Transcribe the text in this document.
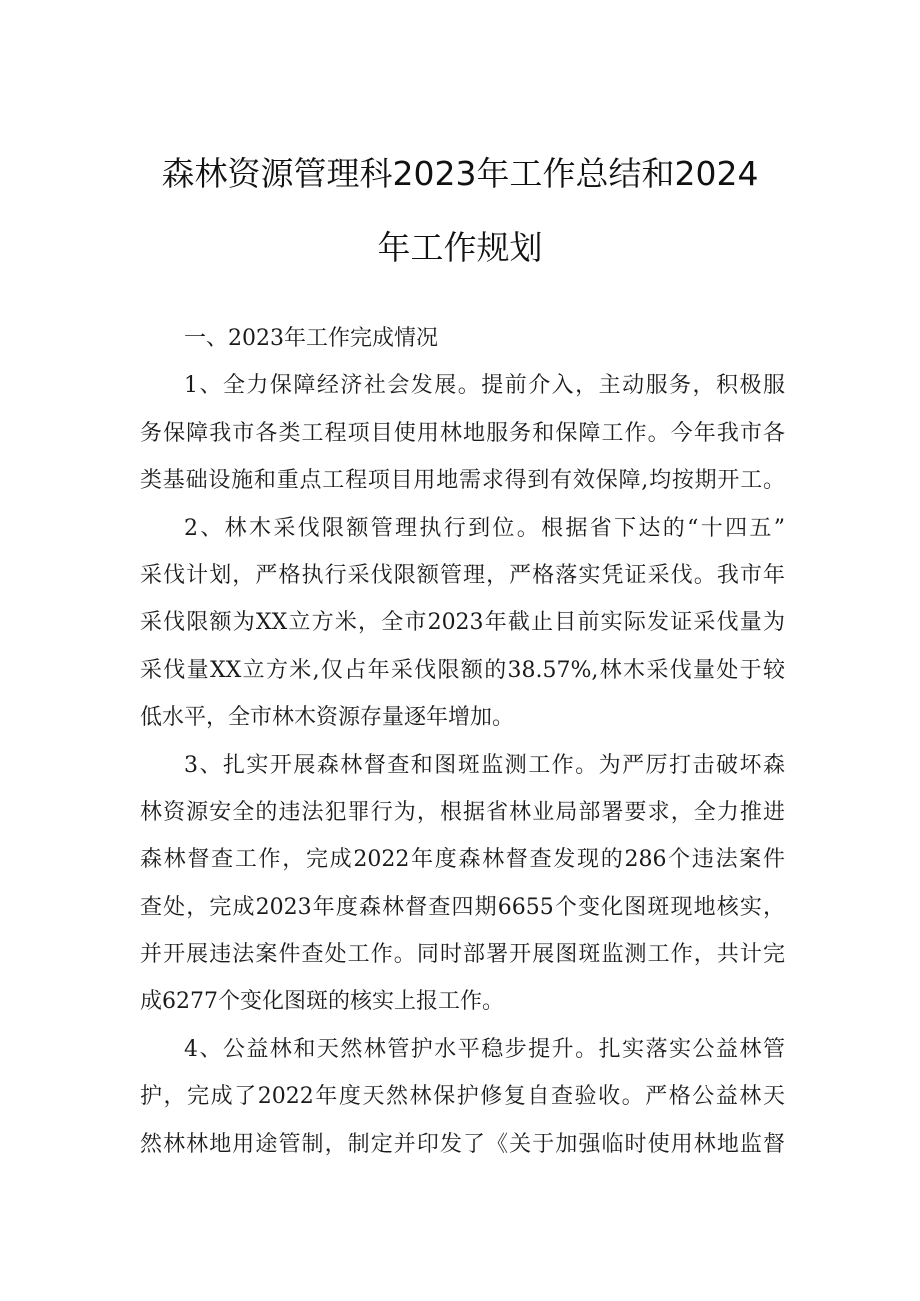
森林资源管理科2023年工作总结和2024
年工作规划
一、2023年工作完成情况
1、全力保障经济社会发展。提前介入，主动服务，积极服
务保障我市各类工程项目使用林地服务和保障工作。今年我市各
类基础设施和重点工程项目用地需求得到有效保障,均按期开工。
2、林木采伐限额管理执行到位。根据省下达的“十四五”
采伐计划，严格执行采伐限额管理，严格落实凭证采伐。我市年
采伐限额为XX立方米，全市2023年截止目前实际发证采伐量为
采伐量XX立方米,仅占年采伐限额的38.57%,林木采伐量处于较
低水平，全市林木资源存量逐年增加。
3、扎实开展森林督查和图斑监测工作。为严厉打击破坏森
林资源安全的违法犯罪行为，根据省林业局部署要求，全力推进
森林督查工作，完成2022年度森林督查发现的286个违法案件
查处，完成2023年度森林督查四期6655个变化图斑现地核实，
并开展违法案件查处工作。同时部署开展图斑监测工作，共计完
成6277个变化图斑的核实上报工作。
4、公益林和天然林管护水平稳步提升。扎实落实公益林管
护，完成了2022年度天然林保护修复自查验收。严格公益林天
然林林地用途管制，制定并印发了《关于加强临时使用林地监督
